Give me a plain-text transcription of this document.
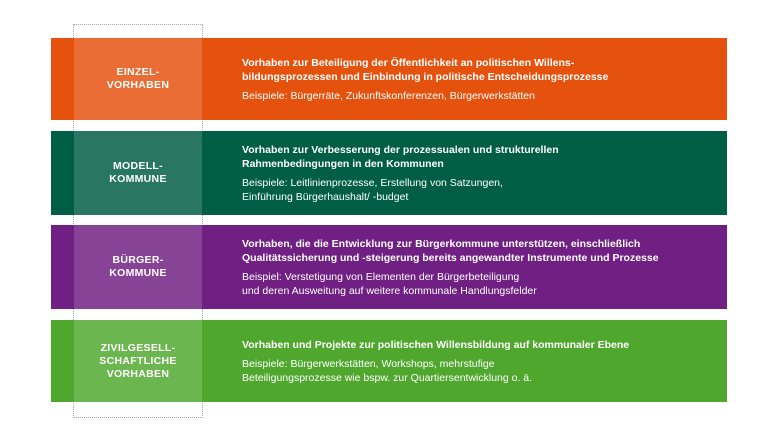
EINZEL-
VORHABEN

Vorhaben zur Beteiligung der Öffentlichkeit an politischen Willens-
bildungsprozessen und Einbindung in politische Entscheidungsprozesse

Beispiele: Bürgerräte, Zukunftskonferenzen, Bürgerwerkstätten

MODELL-
KOMMUNE

Vorhaben zur Verbesserung der prozessualen und strukturellen
Rahmenbedingungen in den Kommunen

Beispiele: Leitlinienprozesse, Erstellung von Satzungen,
Einführung Bürgerhaushalt/ -budget

BÜRGER-
KOMMUNE

Vorhaben, die die Entwicklung zur Bürgerkommune unterstützen, einschließlich
Qualitätssicherung und -steigerung bereits angewandter Instrumente und Prozesse

Beispiel: Verstetigung von Elementen der Bürgerbeteiligung
und deren Ausweitung auf weitere kommunale Handlungsfelder

ZIVILGESELL-
SCHAFTLICHE
VORHABEN

Vorhaben und Projekte zur politischen Willensbildung auf kommunaler Ebene

Beispiele: Bürgerwerkstätten, Workshops, mehrstufige
Beteiligungsprozesse wie bspw. zur Quartiersentwicklung o. ä.
